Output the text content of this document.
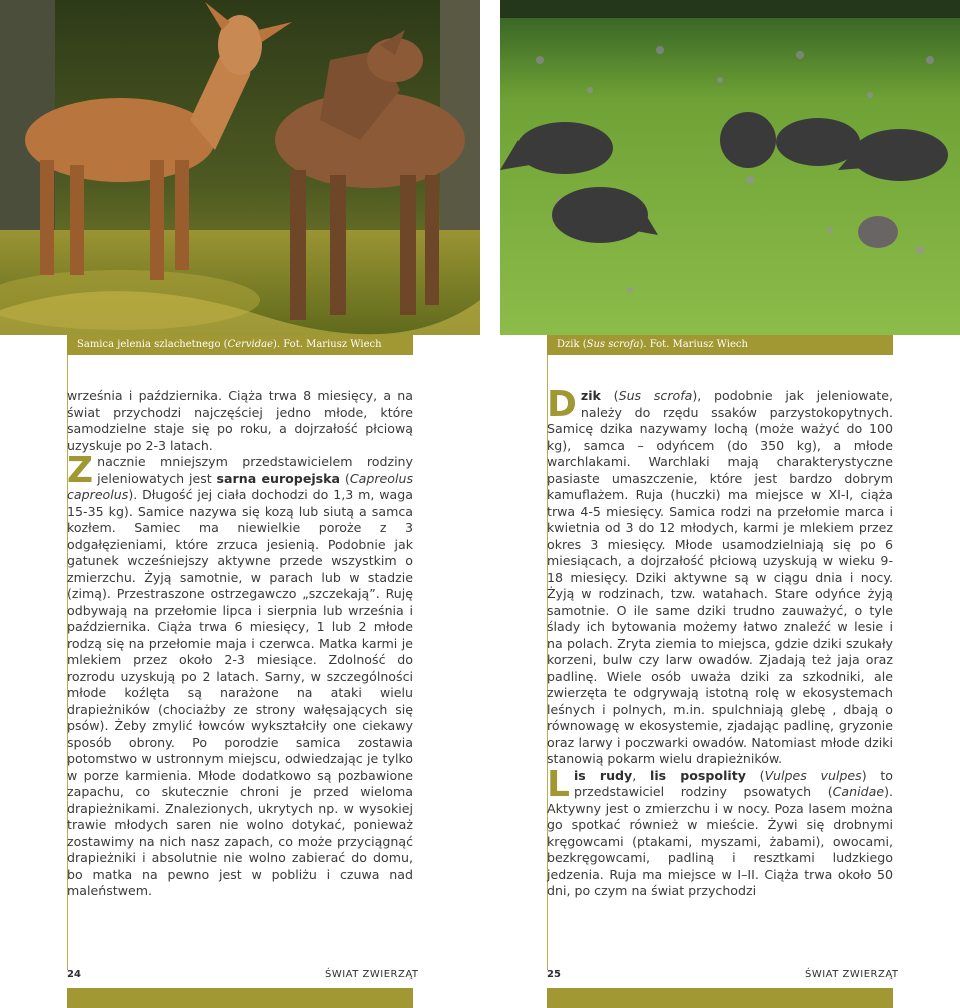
Samica jelenia szlachetnego (Cervidae). Fot. Mariusz Wiech	Dzik (Sus scrofa). Fot. Mariusz Wiech

września i października. Ciąża trwa 8 miesięcy, a na świat przychodzi najczęściej jedno młode, które samodzielne staje się po roku, a dojrzałość płciową uzyskuje po 2-3 latach.

Znacznie mniejszym przedstawicielem rodziny jeleniowatych jest sarna europejska (Capreolus capreolus). Długość jej ciała dochodzi do 1,3 m, waga 15-35 kg). Samice nazywa się kozą lub siutą a samca kozłem. Samiec ma niewielkie poroże z 3 odgałęzieniami, które zrzuca jesienią. Podobnie jak gatunek wcześniejszy aktywne przede wszystkim o zmierzchu. Żyją samotnie, w parach lub w stadzie (zimą). Przestraszone ostrzegawczo „szczekają”. Ruję odbywają na przełomie lipca i sierpnia lub września i października. Ciąża trwa 6 miesięcy, 1 lub 2 młode rodzą się na przełomie maja i czerwca. Matka karmi je mlekiem przez około 2-3 miesiące. Zdolność do rozrodu uzyskują po 2 latach. Sarny, w szczególności młode koźlęta są narażone na ataki wielu drapieżników (chociażby ze strony wałęsających się psów). Żeby zmylić łowców wykształciły one ciekawy sposób obrony. Po porodzie samica zostawia potomstwo w ustronnym miejscu, odwiedzając je tylko w porze karmienia. Młode dodatkowo są pozbawione zapachu, co skutecznie chroni je przed wieloma drapieżnikami. Znalezionych, ukrytych np. w wysokiej trawie młodych saren nie wolno dotykać, ponieważ zostawimy na nich nasz zapach, co może przyciągnąć drapieżniki i absolutnie nie wolno zabierać do domu, bo matka na pewno jest w pobliżu i czuwa nad maleństwem.

Dzik (Sus scrofa), podobnie jak jeleniowate, należy do rzędu ssaków parzystokopytnych. Samicę dzika nazywamy lochą (może ważyć do 100 kg), samca – odyńcem (do 350 kg), a młode warchlakami. Warchlaki mają charakterystyczne pasiaste umaszczenie, które jest bardzo dobrym kamuflażem. Ruja (huczki) ma miejsce w XI-I, ciąża trwa 4-5 miesięcy. Samica rodzi na przełomie marca i kwietnia od 3 do 12 młodych, karmi je mlekiem przez okres 3 miesięcy. Młode usamodzielniają się po 6 miesiącach, a dojrzałość płciową uzyskują w wieku 9-18 miesięcy. Dziki aktywne są w ciągu dnia i nocy. Żyją w rodzinach, tzw. watahach. Stare odyńce żyją samotnie. O ile same dziki trudno zauważyć, o tyle ślady ich bytowania możemy łatwo znaleźć w lesie i na polach. Zryta ziemia to miejsca, gdzie dziki szukały korzeni, bulw czy larw owadów. Zjadają też jaja oraz padlinę. Wiele osób uważa dziki za szkodniki, ale zwierzęta te odgrywają istotną rolę w ekosystemach leśnych i polnych, m.in. spulchniają glebę , dbają o równowagę w ekosystemie, zjadając padlinę, gryzonie oraz larwy i poczwarki owadów. Natomiast młode dziki stanowią pokarm wielu drapieżników.

Lis rudy, lis pospolity (Vulpes vulpes) to przedstawiciel rodziny psowatych (Canidae). Aktywny jest o zmierzchu i w nocy. Poza lasem można go spotkać również w mieście. Żywi się drobnymi kręgowcami (ptakami, myszami, żabami), owocami, bezkręgowcami, padliną i resztkami ludzkiego jedzenia. Ruja ma miejsce w I–II. Ciąża trwa około 50 dni, po czym na świat przychodzi

24	ŚWIAT ZWIERZĄT	25	ŚWIAT ZWIERZĄT
